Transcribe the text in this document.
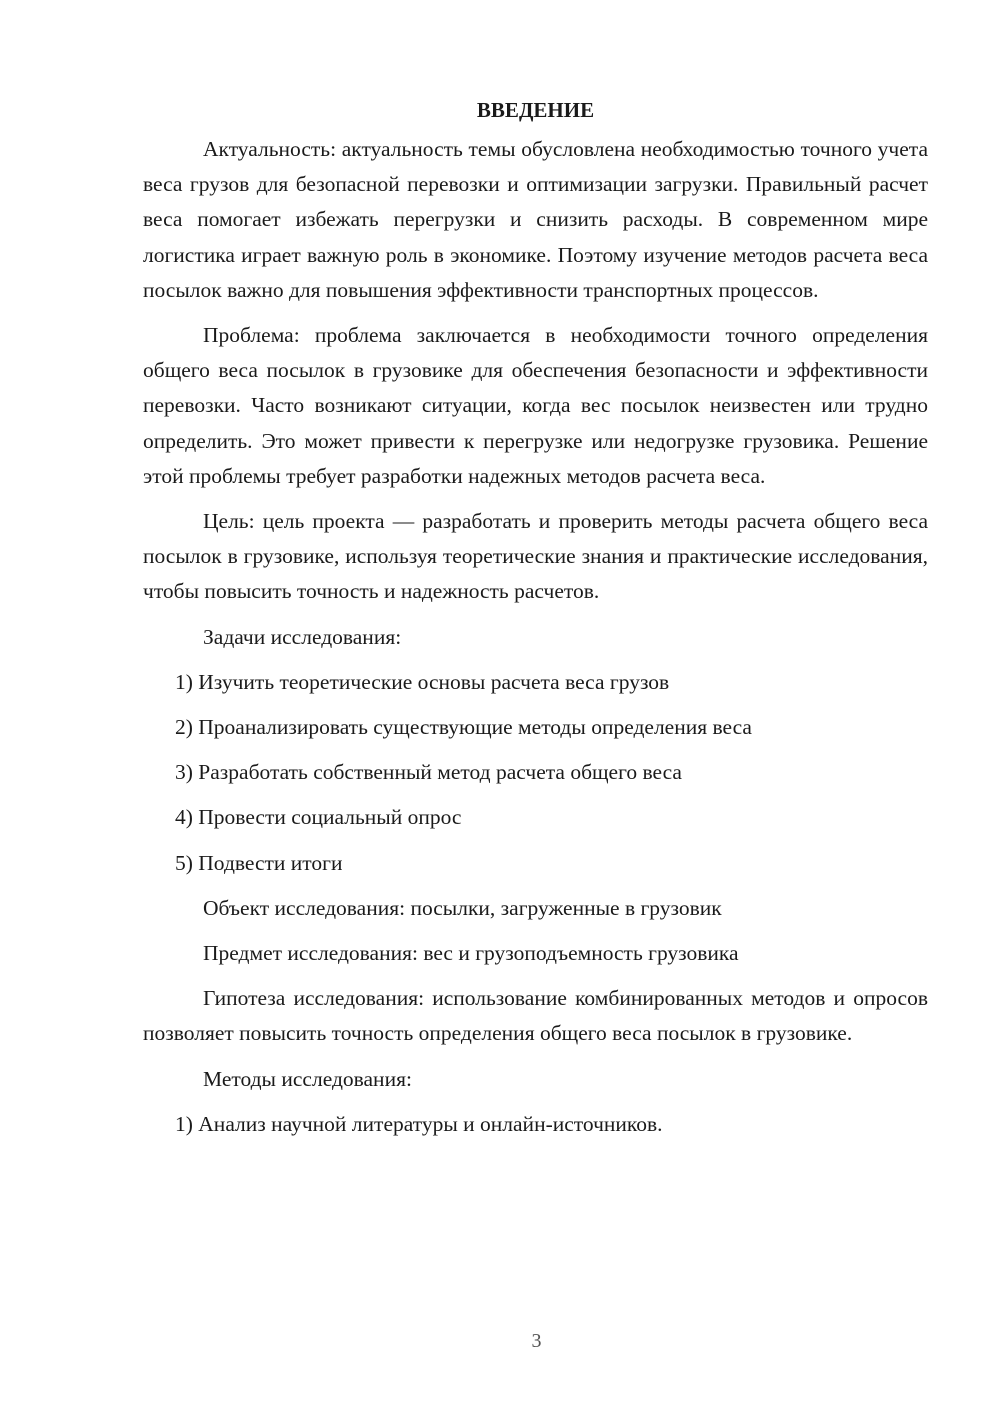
ВВЕДЕНИЕ

Актуальность: актуальность темы обусловлена необходимостью точного учета веса грузов для безопасной перевозки и оптимизации загрузки. Правильный расчет веса помогает избежать перегрузки и снизить расходы. В современном мире логистика играет важную роль в экономике. Поэтому изучение методов расчета веса посылок важно для повышения эффективности транспортных процессов.

Проблема: проблема заключается в необходимости точного определения общего веса посылок в грузовике для обеспечения безопасности и эффективности перевозки. Часто возникают ситуации, когда вес посылок неизвестен или трудно определить. Это может привести к перегрузке или недогрузке грузовика. Решение этой проблемы требует разработки надежных методов расчета веса.

Цель: цель проекта — разработать и проверить методы расчета общего веса посылок в грузовике, используя теоретические знания и практические исследования, чтобы повысить точность и надежность расчетов.

Задачи исследования:

1) Изучить теоретические основы расчета веса грузов

2) Проанализировать существующие методы определения веса

3) Разработать собственный метод расчета общего веса

4) Провести социальный опрос

5) Подвести итоги

Объект исследования: посылки, загруженные в грузовик

Предмет исследования: вес и грузоподъемность грузовика

Гипотеза исследования: использование комбинированных методов и опросов позволяет повысить точность определения общего веса посылок в грузовике.

Методы исследования:

1) Анализ научной литературы и онлайн-источников.

3
